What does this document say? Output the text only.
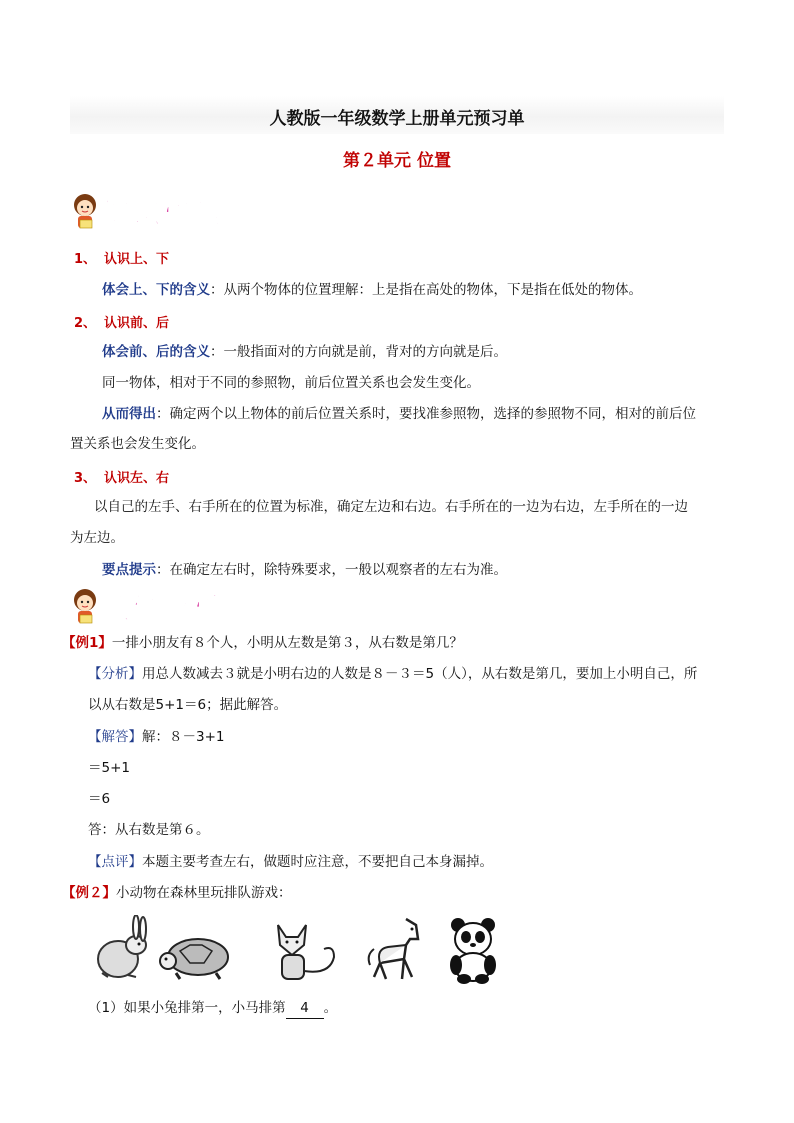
人教版一年级数学上册单元预习单
第２单元 位置
知识梳理
1、 认识上、下
体会上、下的含义：从两个物体的位置理解：上是指在高处的物体，下是指在低处的物体。
2、 认识前、后
体会前、后的含义：一般指面对的方向就是前，背对的方向就是后。
同一物体，相对于不同的参照物，前后位置关系也会发生变化。
从而得出：确定两个以上物体的前后位置关系时，要找准参照物，选择的参照物不同，相对的前后位
置关系也会发生变化。
3、 认识左、右
以自己的左手、右手所在的位置为标准，确定左边和右边。右手所在的一边为右边，左手所在的一边
为左边。
要点提示：在确定左右时，除特殊要求，一般以观察者的左右为准。
典例解析
【例1】一排小朋友有８个人，小明从左数是第３，从右数是第几？
【分析】用总人数减去３就是小明右边的人数是８－３＝5（人），从右数是第几，要加上小明自己，所
以从右数是5+1＝6；据此解答。
【解答】解：８－3+1
＝5+1
＝6
答：从右数是第６。
【点评】本题主要考查左右，做题时应注意，不要把自己本身漏掉。
【例２】小动物在森林里玩排队游戏：
（1）如果小兔排第一，小马排第 4 。
